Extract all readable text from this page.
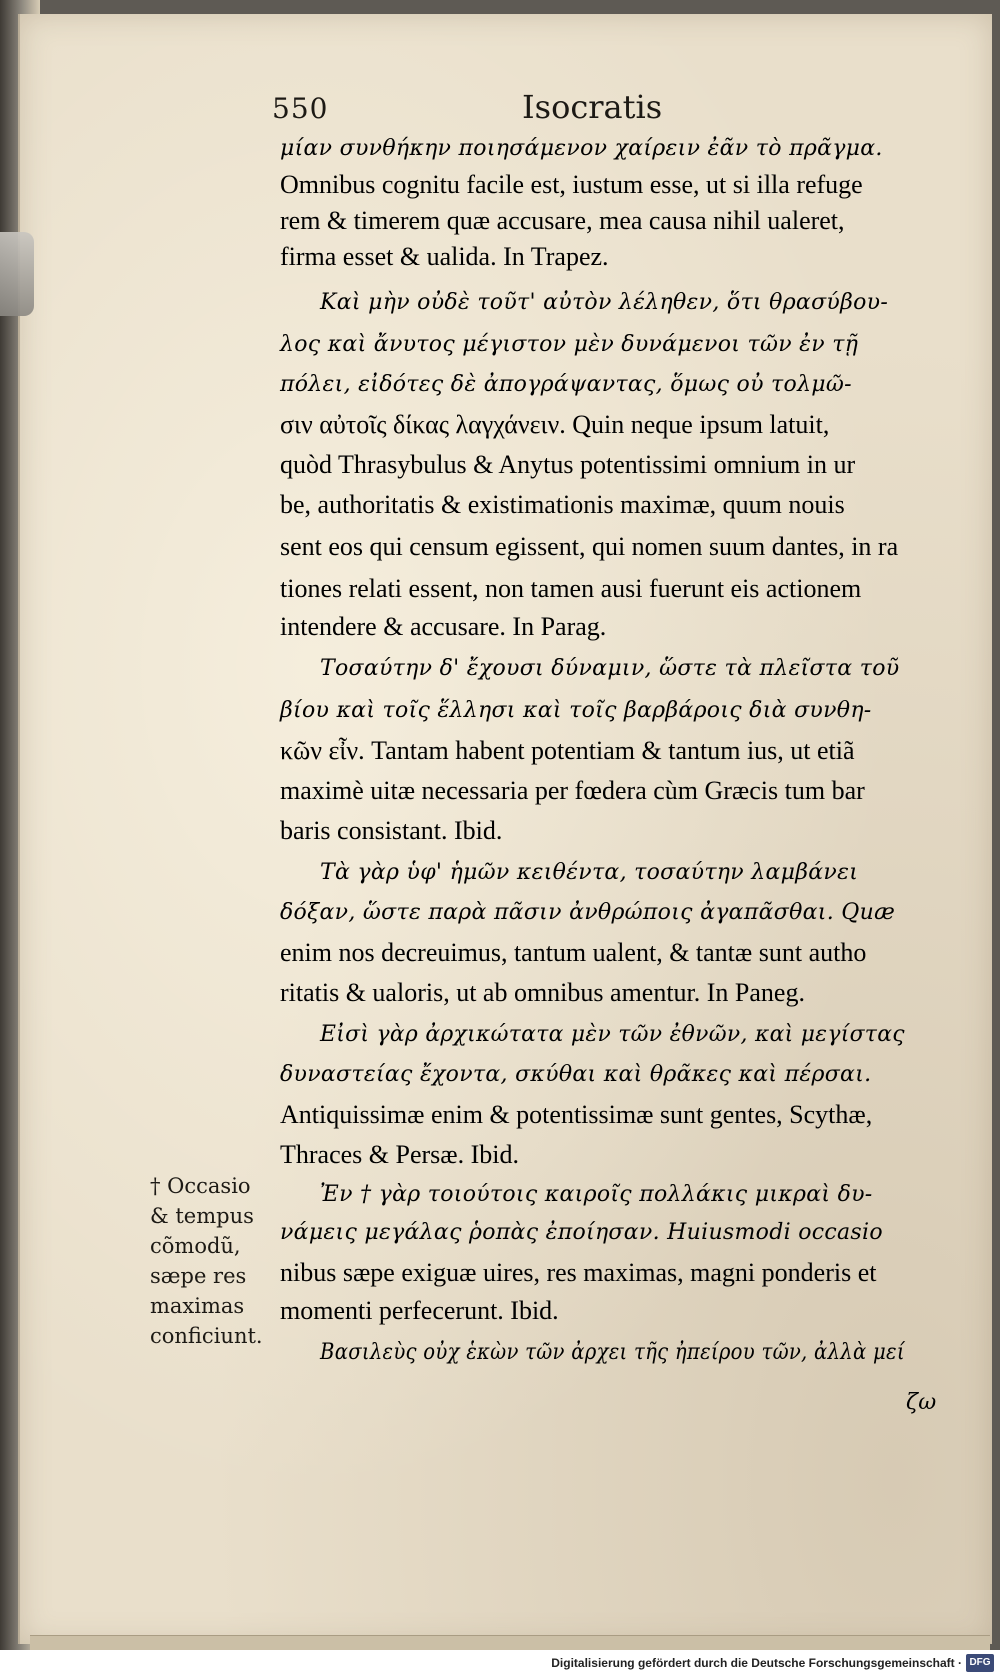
550	Isocratis
μίαν συνθήκην ποιησάμενον χαίρειν ἐᾶν τὸ πρᾶγμα.
Omnibus cognitu facile est, iustum esse, ut si illa refuge
rem & timerem quæ accusare, mea causa nihil ualeret,
firma esset & ualida. In Trapez.
Καὶ μὴν οὐδὲ τοῦτ' αὐτὸν λέληθεν, ὅτι θρασύβου-
λος καὶ ἄνυτος μέγιστον μὲν δυνάμενοι τῶν ἐν τῇ
πόλει, εἰδότες δὲ ἀπογράψαντας, ὅμως οὐ τολμῶ-
σιν αὐτοῖς δίκας λαγχάνειν. Quin neque ipsum latuit,
quòd Thrasybulus & Anytus potentissimi omnium in ur
be, authoritatis & existimationis maximæ, quum nouis
sent eos qui censum egissent, qui nomen suum dantes, in ra
tiones relati essent, non tamen ausi fuerunt eis actionem
intendere & accusare. In Parag.
Τοσαύτην δ' ἔχουσι δύναμιν, ὥστε τὰ πλεῖστα τοῦ
βίου καὶ τοῖς ἕλλησι καὶ τοῖς βαρβάροις διὰ συνθη-
κῶν εἶν. Tantam habent potentiam & tantum ius, ut etiã
maximè uitæ necessaria per fœdera cùm Græcis tum bar
baris consistant. Ibid.
Τὰ γὰρ ὑφ' ἡμῶν κειθέντα, τοσαύτην λαμβάνει
δόξαν, ὥστε παρὰ πᾶσιν ἀνθρώποις ἀγαπᾶσθαι. Quæ
enim nos decreuimus, tantum ualent, & tantæ sunt autho
ritatis & ualoris, ut ab omnibus amentur. In Paneg.
Εἰσὶ γὰρ ἀρχικώτατα μὲν τῶν ἐθνῶν, καὶ μεγίστας
δυναστείας ἔχοντα, σκύθαι καὶ θρᾶκες καὶ πέρσαι.
Antiquissimæ enim & potentissimæ sunt gentes, Scythæ,
Thraces & Persæ. Ibid.
Ἐν † γὰρ τοιούτοις καιροῖς πολλάκις μικραὶ δυ-
νάμεις μεγάλας ῥοπὰς ἐποίησαν. Huiusmodi occasio
nibus sæpe exiguæ uires, res maximas, magni ponderis et
momenti perfecerunt. Ibid.
Βασιλεὺς οὐχ ἑκὼν τῶν ἀρχει τῆς ἠπείρου τῶν, ἀλλὰ μεί
ζω
† Occasio
& tempus
cõmodũ,
sæpe res
maximas
conficiunt.
Digitalisierung gefördert durch die Deutsche Forschungsgemeinschaft · DFG
